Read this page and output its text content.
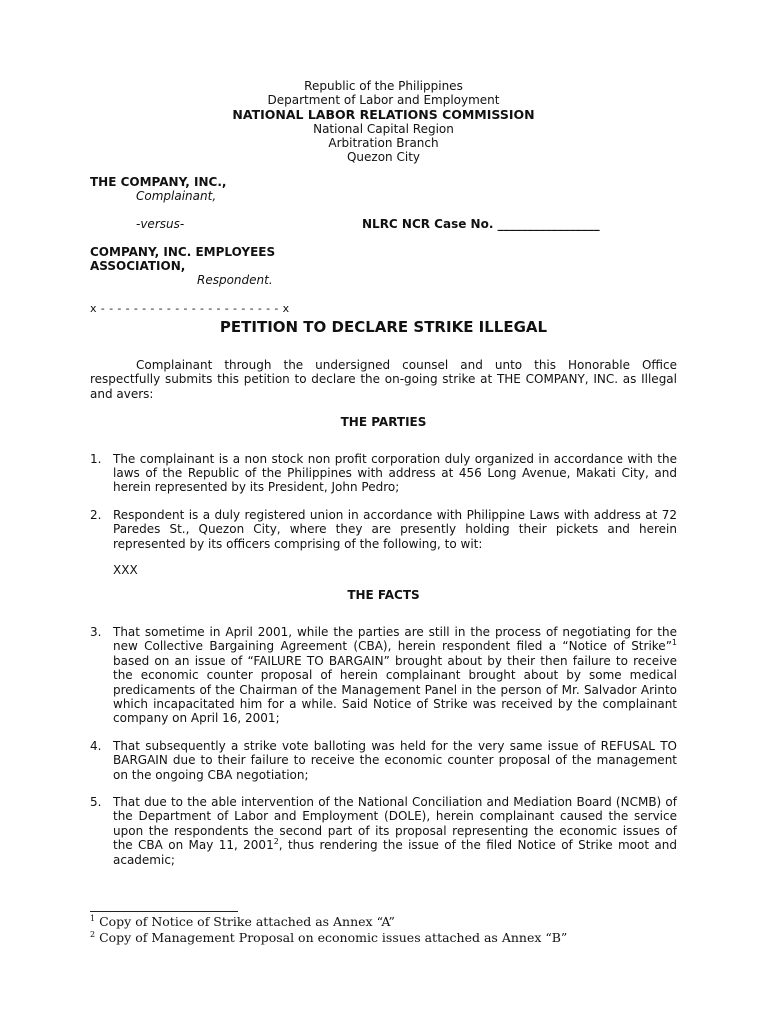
Republic of the Philippines
Department of Labor and Employment
NATIONAL LABOR RELATIONS COMMISSION
National Capital Region
Arbitration Branch
Quezon City
THE COMPANY, INC.,
Complainant,
-versus-	NLRC NCR Case No. _________________
COMPANY, INC. EMPLOYEES
ASSOCIATION,
Respondent.
x - - - - - - - - - - - - - - - - - - - - - - x
PETITION TO DECLARE STRIKE ILLEGAL
Complainant through the undersigned counsel and unto this Honorable Office respectfully submits this petition to declare the on-going strike at THE COMPANY, INC. as Illegal and avers:
THE PARTIES
1. The complainant is a non stock non profit corporation duly organized in accordance with the laws of the Republic of the Philippines with address at 456 Long Avenue, Makati City, and herein represented by its President, John Pedro;
2. Respondent is a duly registered union in accordance with Philippine Laws with address at 72 Paredes St., Quezon City, where they are presently holding their pickets and herein represented by its officers comprising of the following, to wit:
XXX
THE FACTS
3. That sometime in April 2001, while the parties are still in the process of negotiating for the new Collective Bargaining Agreement (CBA), herein respondent filed a “Notice of Strike”$^1$ based on an issue of “FAILURE TO BARGAIN” brought about by their then failure to receive the economic counter proposal of herein complainant brought about by some medical predicaments of the Chairman of the Management Panel in the person of Mr. Salvador Arinto which incapacitated him for a while. Said Notice of Strike was received by the complainant company on April 16, 2001;
4. That subsequently a strike vote balloting was held for the very same issue of REFUSAL TO BARGAIN due to their failure to receive the economic counter proposal of the management on the ongoing CBA negotiation;
5. That due to the able intervention of the National Conciliation and Mediation Board (NCMB) of the Department of Labor and Employment (DOLE), herein complainant caused the service upon the respondents the second part of its proposal representing the economic issues of the CBA on May 11, 2001$^2$, thus rendering the issue of the filed Notice of Strike moot and academic;
$^1$ Copy of Notice of Strike attached as Annex “A”
$^2$ Copy of Management Proposal on economic issues attached as Annex “B”
